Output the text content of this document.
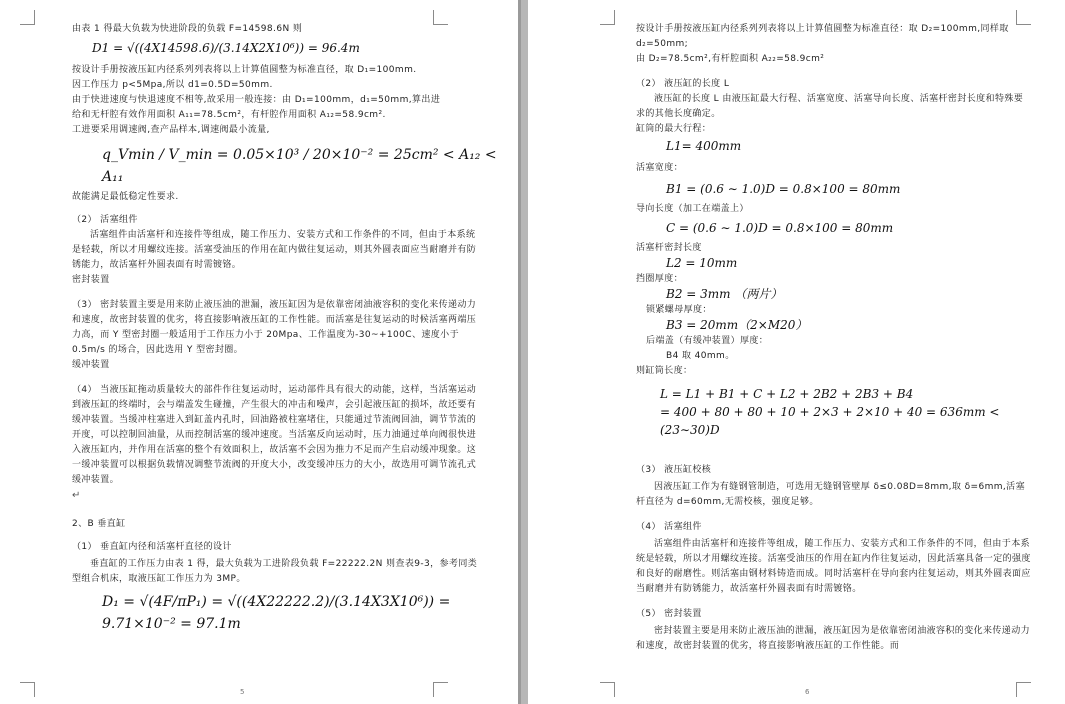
由表 1 得最大负载为快进阶段的负载 F=14598.6N 则

D1 = √((4X14598.6)/(3.14X2X10⁶)) = 96.4m

按设计手册按液压缸内径系列列表将以上计算值圆整为标准直径，取 D₁=100mm.

因工作压力 p<5Mpa,所以 d1=0.5D=50mm.

由于快进速度与快退速度不相等,故采用一般连接：由 D₁=100mm，d₁=50mm,算出进

给和无杆腔有效作用面积 A₁₁=78.5cm²，有杆腔作用面积 A₁₂=58.9cm².

工进要采用调速阀,查产品样本,调速阀最小流量,

q_Vmin / V_min = 0.05×10³ / 20×10⁻² = 25cm² < A₁₂ < A₁₁

故能满足最低稳定性要求.

（2） 活塞组件

活塞组件由活塞杆和连接件等组成，随工作压力、安装方式和工作条件的不同，但由于本系统是轻载，所以才用螺纹连接。活塞受油压的作用在缸内做往复运动，则其外圆表面应当耐磨并有防锈能力，故活塞杆外圆表面有时需镀铬。

密封装置

（3） 密封装置主要是用来防止液压油的泄漏，液压缸因为是依靠密闭油液容积的变化来传递动力和速度，故密封装置的优劣，将直接影响液压缸的工作性能。而活塞是往复运动的时候活塞两端压力高，而 Y 型密封圈一般适用于工作压力小于 20Mpa、工作温度为-30~+100C、速度小于 0.5m/s 的场合，因此选用 Y 型密封圈。

缓冲装置

（4） 当液压缸拖动质量较大的部件作往复运动时，运动部件具有很大的动能，这样，当活塞运动到液压缸的终端时，会与端盖发生碰撞，产生很大的冲击和噪声，会引起液压缸的损坏，故还要有缓冲装置。当缓冲柱塞进入到缸盖内孔时，回油路被柱塞堵住，只能通过节流阀回油，调节节流的开度，可以控制回油量，从而控制活塞的缓冲速度。当活塞反向运动时，压力油通过单向阀很快进入液压缸内，并作用在活塞的整个有效面积上，故活塞不会因为推力不足而产生启动缓冲现象。这一缓冲装置可以根据负载情况调整节流阀的开度大小，改变缓冲压力的大小，故选用可调节流孔式缓冲装置。

↵

2、B 垂直缸

（1） 垂直缸内径和活塞杆直径的设计

垂直缸的工作压力由表 1 得，最大负载为工进阶段负载 F=22222.2N 则查表9-3，参考同类型组合机床，取液压缸工作压力为 3MP。

D₁ = √(4F/πP₁) = √((4X22222.2)/(3.14X3X10⁶)) = 9.71×10⁻² = 97.1m

5

按设计手册按液压缸内径系列列表将以上计算值圆整为标准直径：取 D₂=100mm,同样取 d₂=50mm;

由 D₂=78.5cm²,有杆腔面积 A₂₂=58.9cm²

（2） 液压缸的长度 L

液压缸的长度 L 由液压缸最大行程、活塞宽度、活塞导向长度、活塞杆密封长度和特殊要求的其他长度确定。

缸筒的最大行程：

L1= 400mm

活塞宽度：

B1 = (0.6 ∼ 1.0)D = 0.8×100 = 80mm

导向长度（加工在端盖上）

C = (0.6 ∼ 1.0)D = 0.8×100 = 80mm

活塞杆密封长度

L2 = 10mm

挡圈厚度：

B2 = 3mm （两片）

锁紧螺母厚度：

B3 = 20mm（2×M20）

后端盖（有缓冲装置）厚度：

B4 取 40mm。

则缸筒长度：

L = L1 + B1 + C + L2 + 2B2 + 2B3 + B4

= 400 + 80 + 80 + 10 + 2×3 + 2×10 + 40 = 636mm < (23∼30)D

（3） 液压缸校核

因液压缸工作为有缝钢管制造，可选用无缝钢管壁厚 δ≤0.08D=8mm,取 δ=6mm,活塞杆直径为 d=60mm,无需校核，强度足够。

（4） 活塞组件

活塞组件由活塞杆和连接件等组成，随工作压力、安装方式和工作条件的不同，但由于本系统是轻载，所以才用螺纹连接。活塞受油压的作用在缸内作往复运动，因此活塞具备一定的强度和良好的耐磨性。则活塞由钢材料铸造而成。同时活塞杆在导向套内往复运动，则其外圆表面应当耐磨并有防锈能力，故活塞杆外圆表面有时需镀铬。

（5） 密封装置

密封装置主要是用来防止液压油的泄漏，液压缸因为是依靠密闭油液容积的变化来传递动力和速度，故密封装置的优劣，将直接影响液压缸的工作性能。而

6
